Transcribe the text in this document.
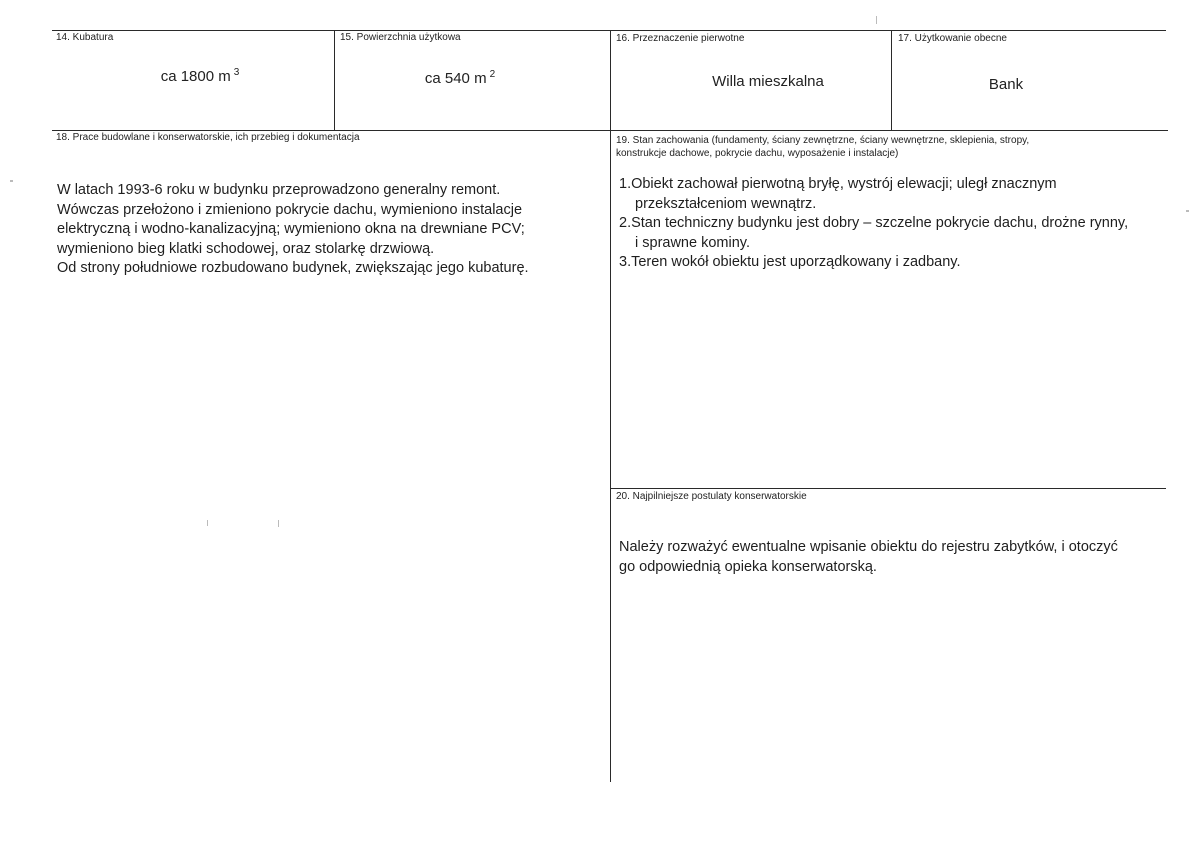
14. Kubatura
ca 1800 m $^3$
15. Powierzchnia użytkowa
ca 540 m $^2$
16. Przeznaczenie pierwotne
Willa mieszkalna
17. Użytkowanie obecne
Bank
18. Prace budowlane i konserwatorskie, ich przebieg i dokumentacja

W latach 1993-6 roku w budynku przeprowadzono generalny remont.

Wówczas przełożono i zmieniono pokrycie dachu, wymieniono instalacje

elektryczną i wodno-kanalizacyjną; wymieniono okna na drewniane PCV;

wymieniono bieg klatki schodowej, oraz stolarkę drzwiową.

Od strony południowe rozbudowano budynek, zwiększając jego kubaturę.

19. Stan zachowania (fundamenty, ściany zewnętrzne, ściany wewnętrzne, sklepienia, stropy,
konstrukcje dachowe, pokrycie dachu, wyposażenie i instalacje)

1.Obiekt zachował pierwotną bryłę, wystrój elewacji; uległ znacznym

przekształceniom wewnątrz.

2.Stan techniczny budynku jest dobry – szczelne pokrycie dachu, drożne rynny,

i sprawne kominy.

3.Teren wokół obiektu jest uporządkowany i zadbany.

20. Najpilniejsze postulaty konserwatorskie

Należy rozważyć ewentualne wpisanie obiektu do rejestru zabytków, i otoczyć

go odpowiednią opieka konserwatorską.
